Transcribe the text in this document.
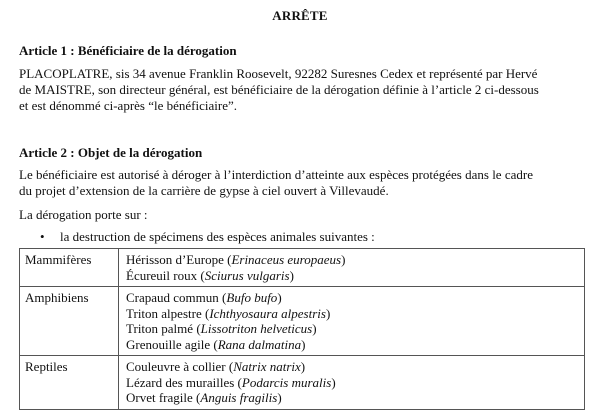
ARRÊTE
Article 1 : Bénéficiaire de la dérogation
PLACOPLATRE, sis 34 avenue Franklin Roosevelt, 92282 Suresnes Cedex et représenté par Hervé
de MAISTRE, son directeur général, est bénéficiaire de la dérogation définie à l’article 2 ci-dessous
et est dénommé ci-après “le bénéficiaire”.
Article 2 : Objet de la dérogation
Le bénéficiaire est autorisé à déroger à l’interdiction d’atteinte aux espèces protégées dans le cadre
du projet d’extension de la carrière de gypse à ciel ouvert à Villevaudé.
La dérogation porte sur :
• la destruction de spécimens des espèces animales suivantes :
Mammifères	Hérisson d’Europe (Erinaceus europaeus)
Écureuil roux (Sciurus vulgaris)

Amphibiens	Crapaud commun (Bufo bufo)
Triton alpestre (Ichthyosaura alpestris)
Triton palmé (Lissotriton helveticus)
Grenouille agile (Rana dalmatina)

Reptiles	Couleuvre à collier (Natrix natrix)
Lézard des murailles (Podarcis muralis)
Orvet fragile (Anguis fragilis)
